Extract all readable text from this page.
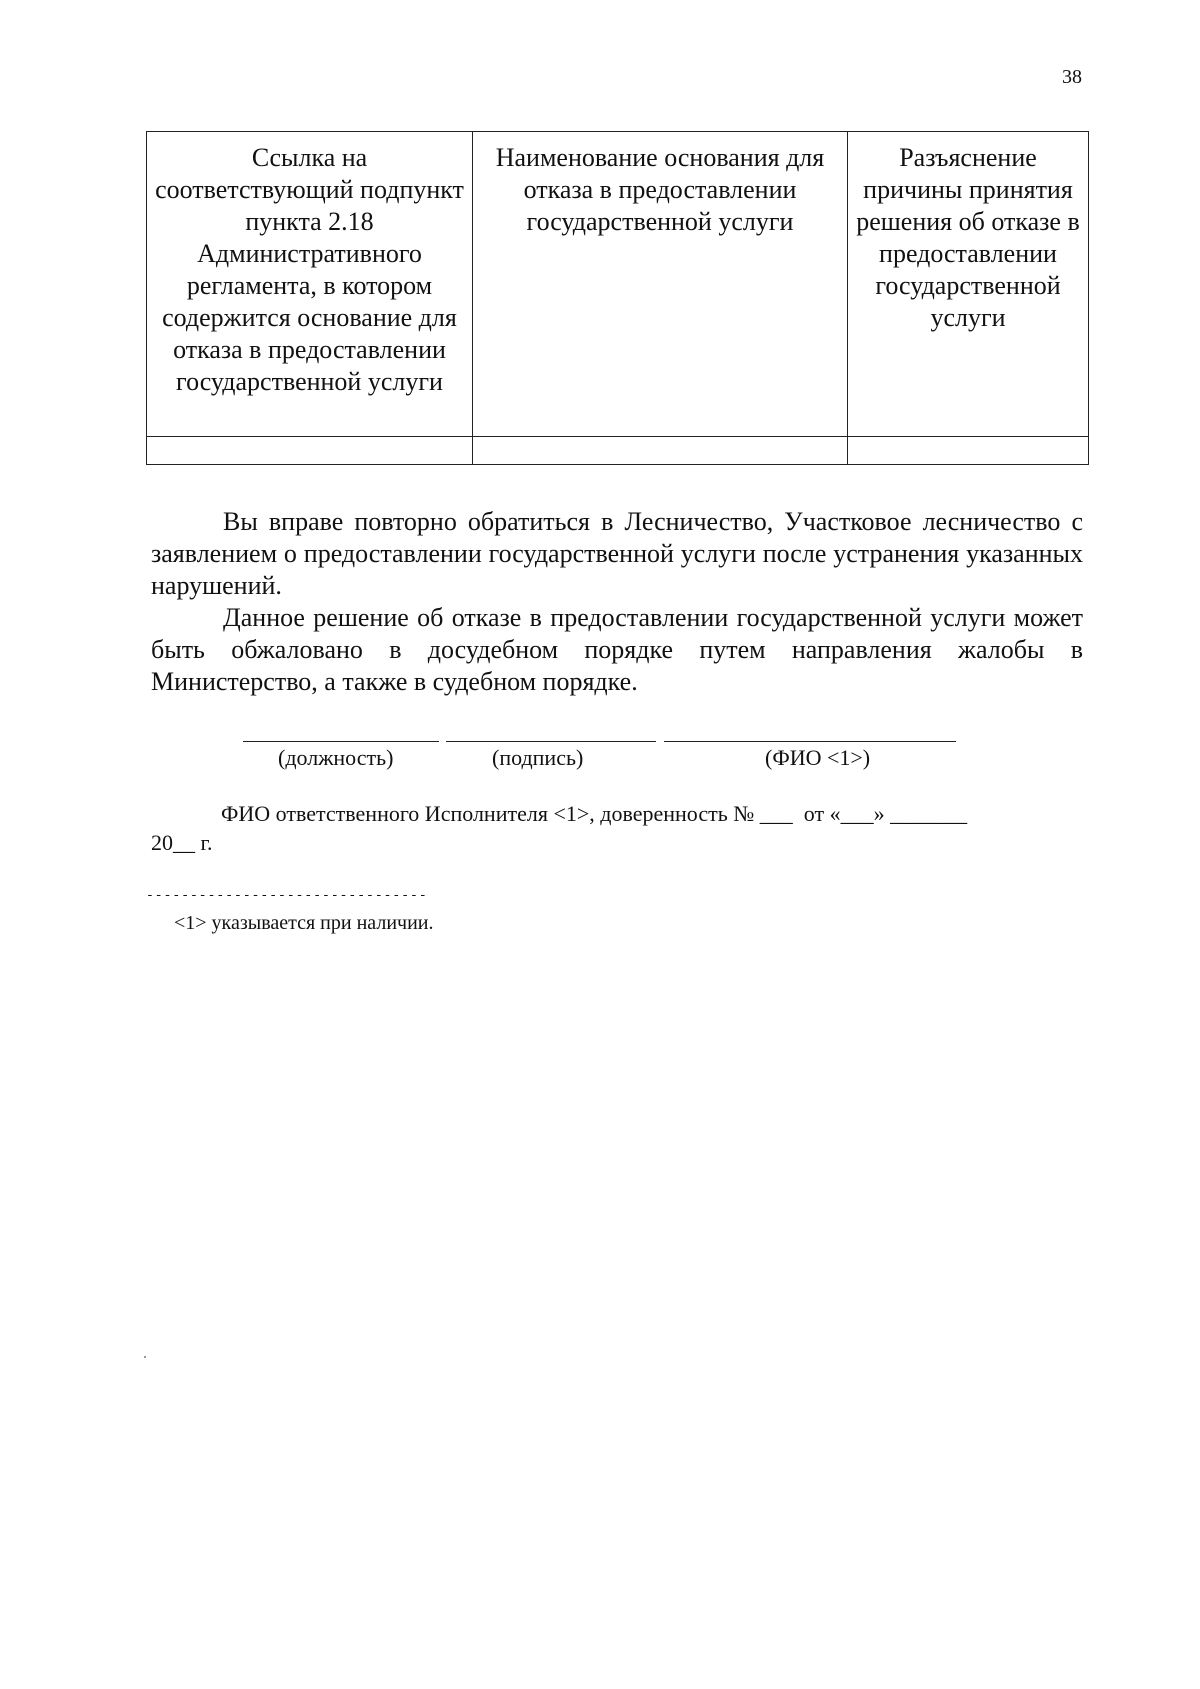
38
Ссылка на соответствующий подпункт пункта 2.18 Административного регламента, в котором содержится основание для отказа в предоставлении государственной услуги	Наименование основания для отказа в предоставлении государственной услуги	Разъяснение причины принятия решения об отказе в предоставлении государственной услуги

Вы вправе повторно обратиться в Лесничество, Участковое лесничество с заявлением о предоставлении государственной услуги после устранения указанных нарушений.

Данное решение об отказе в предоставлении государственной услуги может быть обжаловано в досудебном порядке путем направления жалобы в Министерство, а также в судебном порядке.

(должность)	(подпись)	(ФИО <1>)
ФИО ответственного Исполнителя <1>, доверенность № ___  от «___» _______
20__ г.
--------------------------------
<1> указывается при наличии.
